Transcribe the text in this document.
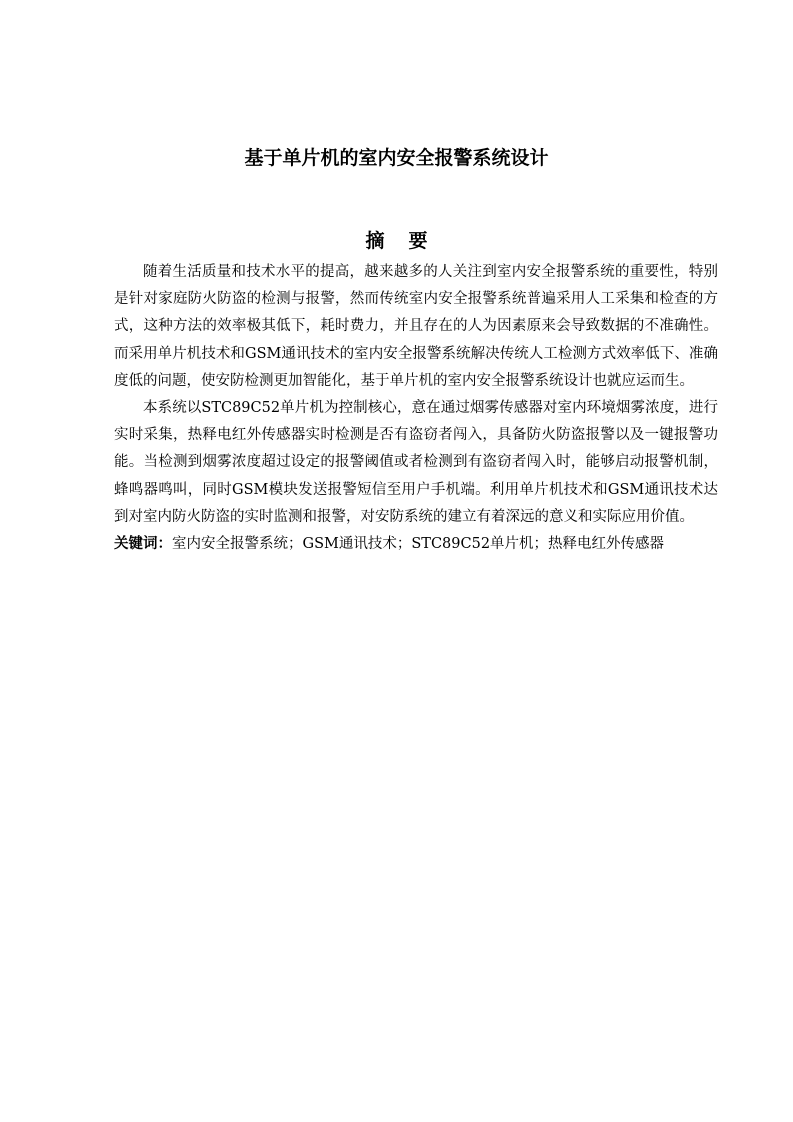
基于单片机的室内安全报警系统设计
摘要

随着生活质量和技术水平的提高，越来越多的人关注到室内安全报警系统的重要性，特别是针对家庭防火防盗的检测与报警，然而传统室内安全报警系统普遍采用人工采集和检查的方式，这种方法的效率极其低下，耗时费力，并且存在的人为因素原来会导致数据的不准确性。而采用单片机技术和GSM通讯技术的室内安全报警系统解决传统人工检测方式效率低下、准确度低的问题，使安防检测更加智能化，基于单片机的室内安全报警系统设计也就应运而生。

本系统以STC89C52单片机为控制核心，意在通过烟雾传感器对室内环境烟雾浓度，进行实时采集，热释电红外传感器实时检测是否有盗窃者闯入，具备防火防盗报警以及一键报警功能。当检测到烟雾浓度超过设定的报警阈值或者检测到有盗窃者闯入时，能够启动报警机制，蜂鸣器鸣叫，同时GSM模块发送报警短信至用户手机端。利用单片机技术和GSM通讯技术达到对室内防火防盗的实时监测和报警，对安防系统的建立有着深远的意义和实际应用价值。

关键词：室内安全报警系统；GSM通讯技术；STC89C52单片机；热释电红外传感器
